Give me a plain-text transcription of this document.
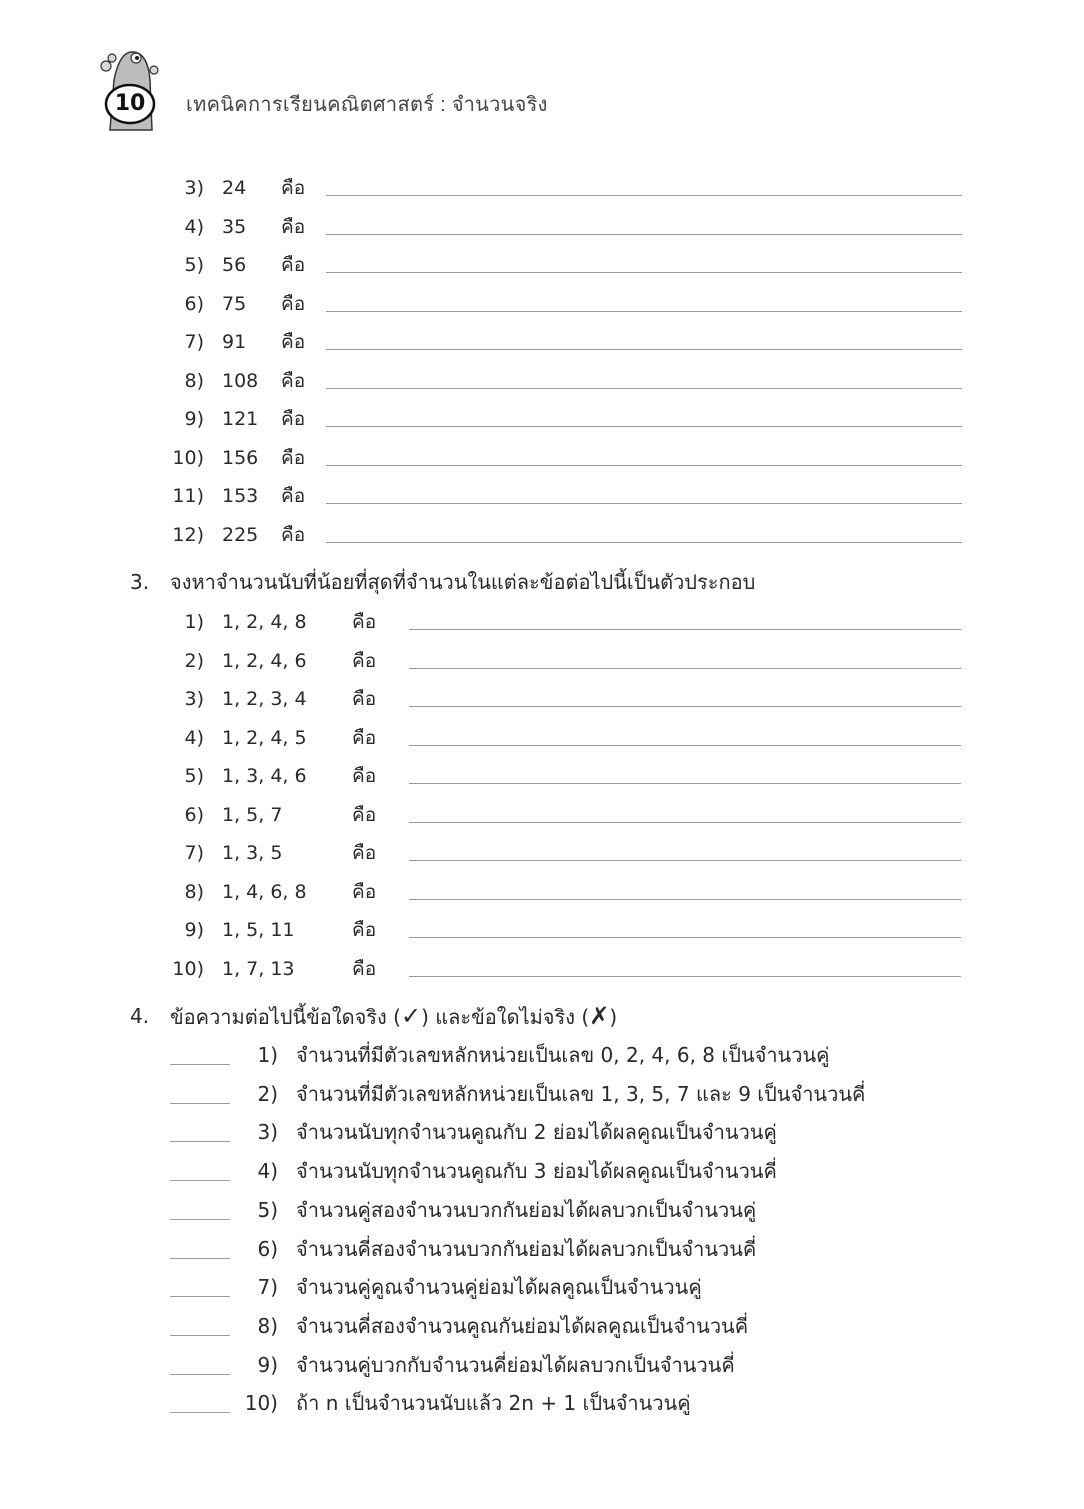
10	เทคนิคการเรียนคณิตศาสตร์ : จำนวนจริง
3) 24 คือ
4) 35 คือ
5) 56 คือ
6) 75 คือ
7) 91 คือ
8) 108 คือ
9) 121 คือ
10) 156 คือ
11) 153 คือ
12) 225 คือ
3. จงหาจำนวนนับที่น้อยที่สุดที่จำนวนในแต่ละข้อต่อไปนี้เป็นตัวประกอบ
1) 1, 2, 4, 8 คือ
2) 1, 2, 4, 6 คือ
3) 1, 2, 3, 4 คือ
4) 1, 2, 4, 5 คือ
5) 1, 3, 4, 6 คือ
6) 1, 5, 7	คือ
7) 1, 3, 5	คือ
8) 1, 4, 6, 8 คือ
9) 1, 5, 11	คือ
10) 1, 7, 13	คือ
4. ข้อความต่อไปนี้ข้อใดจริง (✓) และข้อใดไม่จริง (✗)
1) จำนวนที่มีตัวเลขหลักหน่วยเป็นเลข 0, 2, 4, 6, 8 เป็นจำนวนคู่
2) จำนวนที่มีตัวเลขหลักหน่วยเป็นเลข 1, 3, 5, 7 และ 9 เป็นจำนวนคี่
3) จำนวนนับทุกจำนวนคูณกับ 2 ย่อมได้ผลคูณเป็นจำนวนคู่
4) จำนวนนับทุกจำนวนคูณกับ 3 ย่อมได้ผลคูณเป็นจำนวนคี่
5) จำนวนคู่สองจำนวนบวกกันย่อมได้ผลบวกเป็นจำนวนคู่
6) จำนวนคี่สองจำนวนบวกกันย่อมได้ผลบวกเป็นจำนวนคี่
7) จำนวนคู่คูณจำนวนคู่ย่อมได้ผลคูณเป็นจำนวนคู่
8) จำนวนคี่สองจำนวนคูณกันย่อมได้ผลคูณเป็นจำนวนคี่
9) จำนวนคู่บวกกับจำนวนคี่ย่อมได้ผลบวกเป็นจำนวนคี่
10) ถ้า n เป็นจำนวนนับแล้ว 2n + 1 เป็นจำนวนคู่
